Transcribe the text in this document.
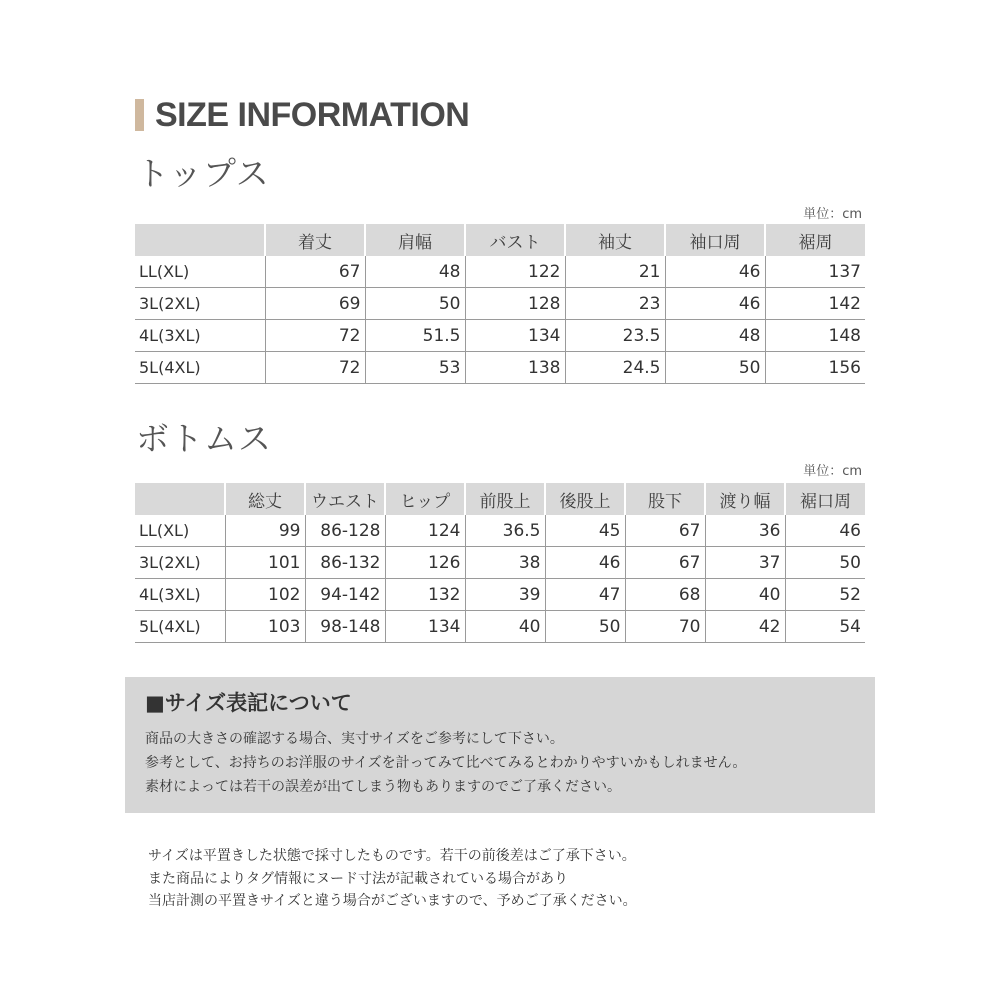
SIZE INFORMATION
トップス
単位：cm
	着丈	肩幅	バスト	袖丈	袖口周	裾周
LL(XL)	67	48	122	21	46	137
3L(2XL)	69	50	128	23	46	142
4L(3XL)	72	51.5	134	23.5	48	148
5L(4XL)	72	53	138	24.5	50	156
ボトムス
単位：cm
	総丈	ウエスト	ヒップ	前股上	後股上	股下	渡り幅	裾口周
LL(XL)	99	86-128	124	36.5	45	67	36	46
3L(2XL)	101	86-132	126	38	46	67	37	50
4L(3XL)	102	94-142	132	39	47	68	40	52
5L(4XL)	103	98-148	134	40	50	70	42	54
■サイズ表記について
商品の大きさの確認する場合、実寸サイズをご参考にして下さい。
参考として、お持ちのお洋服のサイズを計ってみて比べてみるとわかりやすいかもしれません。
素材によっては若干の誤差が出てしまう物もありますのでご了承ください。
サイズは平置きした状態で採寸したものです。若干の前後差はご了承下さい。
また商品によりタグ情報にヌード寸法が記載されている場合があり
当店計測の平置きサイズと違う場合がございますので、予めご了承ください。
